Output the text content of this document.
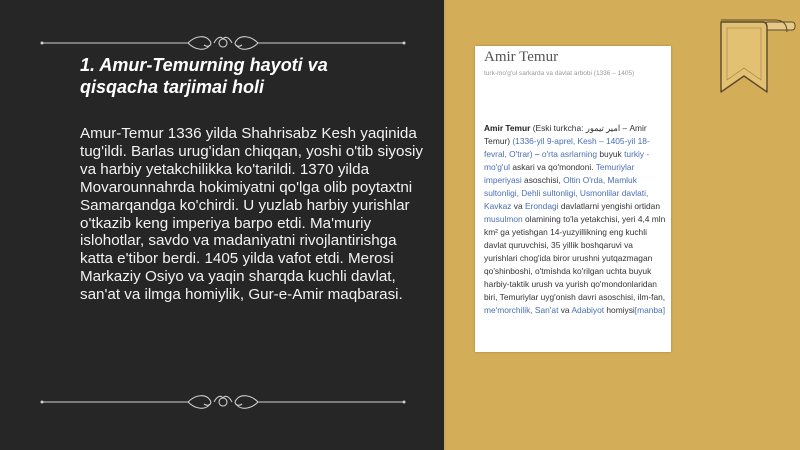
1. Amur-Temurning hayoti va qisqacha tarjimai holi
Amur-Temur 1336 yilda Shahrisabz Kesh yaqinida tug'ildi. Barlas urug'idan chiqqan, yoshi o'tib siyosiy va harbiy yetakchilikka ko'tarildi. 1370 yilda Movarounnahrda hokimiyatni qo'lga olib poytaxtni Samarqandga ko'chirdi. U yuzlab harbiy yurishlar o'tkazib keng imperiya barpo etdi. Ma'muriy islohotlar, savdo va madaniyatni rivojlantirishga katta e'tibor berdi. 1405 yilda vafot etdi. Merosi Markaziy Osiyo va yaqin sharqda kuchli davlat, san'at va ilmga homiylik, Gur-e-Amir maqbarasi.
Amir Temur
turk-mo'g'ul sarkarda va davlat arbobi (1336 – 1405)
Amir Temur (Eski turkcha: امیر تیمور – Amir Temur) (1336-yil 9-aprel, Kesh – 1405-yil 18-fevral, O'trar) – o'rta asrlarning buyuk turkiy - mo'g'ul askari va qo'mondoni. Temuriylar imperiyasi asoschisi, Oltin O'rda, Mamluk sultonligi, Dehli sultonligi, Usmonlilar davlati, Kavkaz va Erondagi davlatlarni yengishi ortidan musulmon olamining to'la yetakchisi, yeri 4,4 mln km² ga yetishgan 14-yuzyillikning eng kuchli davlat quruvchisi, 35 yillik boshqaruvi va yurishlari chog'ida biror urushni yutqazmagan qo'shinboshi, o'tmishda ko'rilgan uchta buyuk harbiy-taktik urush va yurish qo'mondonlaridan biri, Temuriylar uyg'onish davri asoschisi, ilm-fan, me'morchilik, San'at va Adabiyot homiysi[manba]
